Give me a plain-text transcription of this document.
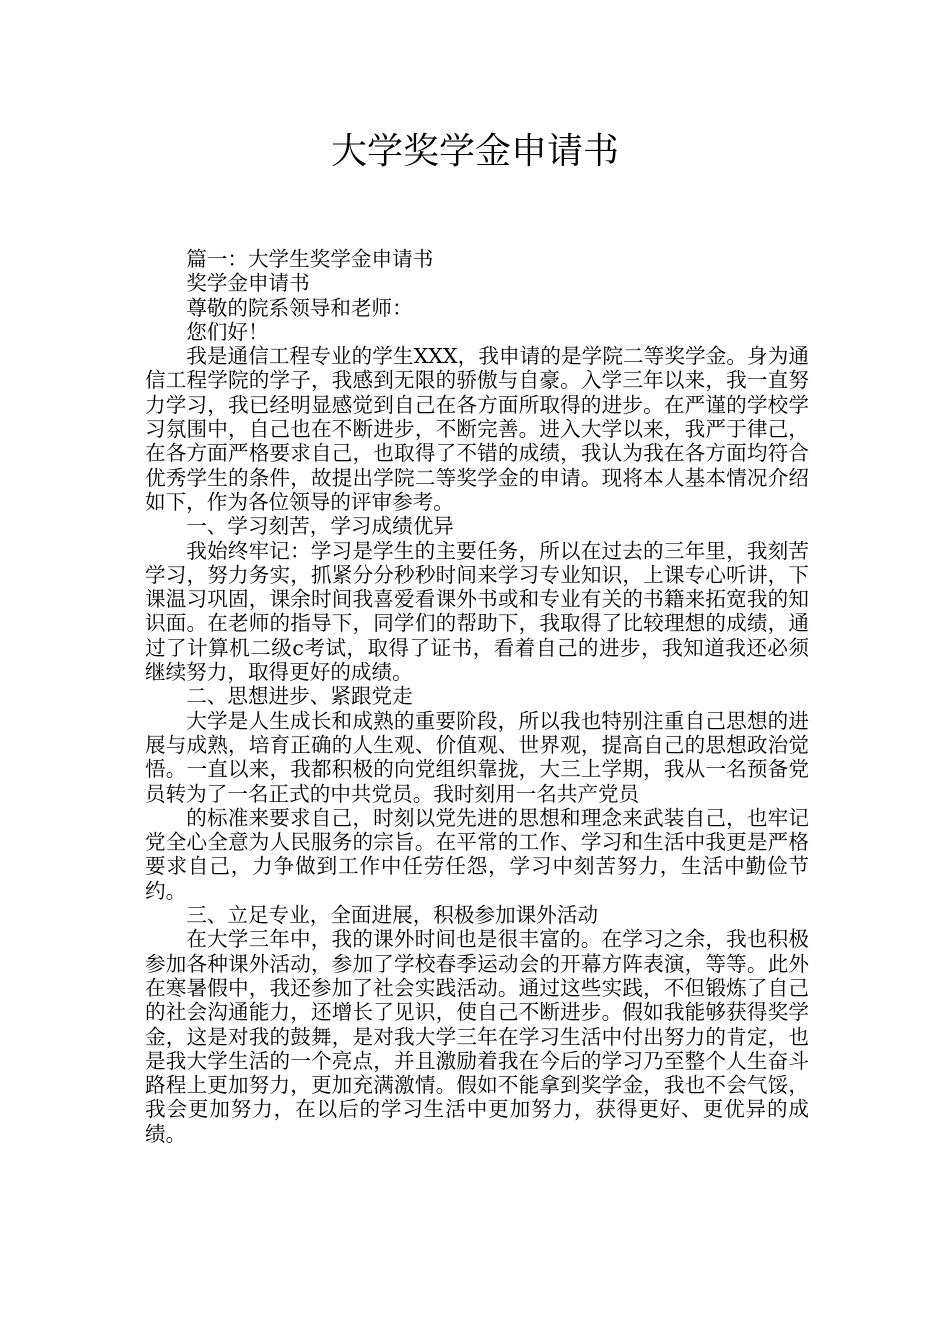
大学奖学金申请书

篇一：大学生奖学金申请书

奖学金申请书

尊敬的院系领导和老师：

您们好！

我是通信工程专业的学生XXX，我申请的是学院二等奖学金。身为通信工程学院的学子，我感到无限的骄傲与自豪。入学三年以来，我一直努力学习，我已经明显感觉到自己在各方面所取得的进步。在严谨的学校学习氛围中，自己也在不断进步，不断完善。进入大学以来，我严于律己，在各方面严格要求自己，也取得了不错的成绩，我认为我在各方面均符合优秀学生的条件，故提出学院二等奖学金的申请。现将本人基本情况介绍如下，作为各位领导的评审参考。

一、学习刻苦，学习成绩优异

我始终牢记：学习是学生的主要任务，所以在过去的三年里，我刻苦学习，努力务实，抓紧分分秒秒时间来学习专业知识，上课专心听讲，下课温习巩固，课余时间我喜爱看课外书或和专业有关的书籍来拓宽我的知识面。在老师的指导下，同学们的帮助下，我取得了比较理想的成绩，通过了计算机二级c考试，取得了证书，看着自己的进步，我知道我还必须继续努力，取得更好的成绩。

二、思想进步、紧跟党走

大学是人生成长和成熟的重要阶段，所以我也特别注重自己思想的进展与成熟，培育正确的人生观、价值观、世界观，提高自己的思想政治觉悟。一直以来，我都积极的向党组织靠拢，大三上学期，我从一名预备党员转为了一名正式的中共党员。我时刻用一名共产党员

的标准来要求自己，时刻以党先进的思想和理念来武装自己，也牢记党全心全意为人民服务的宗旨。在平常的工作、学习和生活中我更是严格要求自己，力争做到工作中任劳任怨，学习中刻苦努力，生活中勤俭节约。

三、立足专业，全面进展，积极参加课外活动

在大学三年中，我的课外时间也是很丰富的。在学习之余，我也积极参加各种课外活动，参加了学校春季运动会的开幕方阵表演，等等。此外在寒暑假中，我还参加了社会实践活动。通过这些实践，不但锻炼了自己的社会沟通能力，还增长了见识，使自己不断进步。假如我能够获得奖学金，这是对我的鼓舞，是对我大学三年在学习生活中付出努力的肯定，也是我大学生活的一个亮点，并且激励着我在今后的学习乃至整个人生奋斗路程上更加努力，更加充满激情。假如不能拿到奖学金，我也不会气馁，我会更加努力，在以后的学习生活中更加努力，获得更好、更优异的成绩。
